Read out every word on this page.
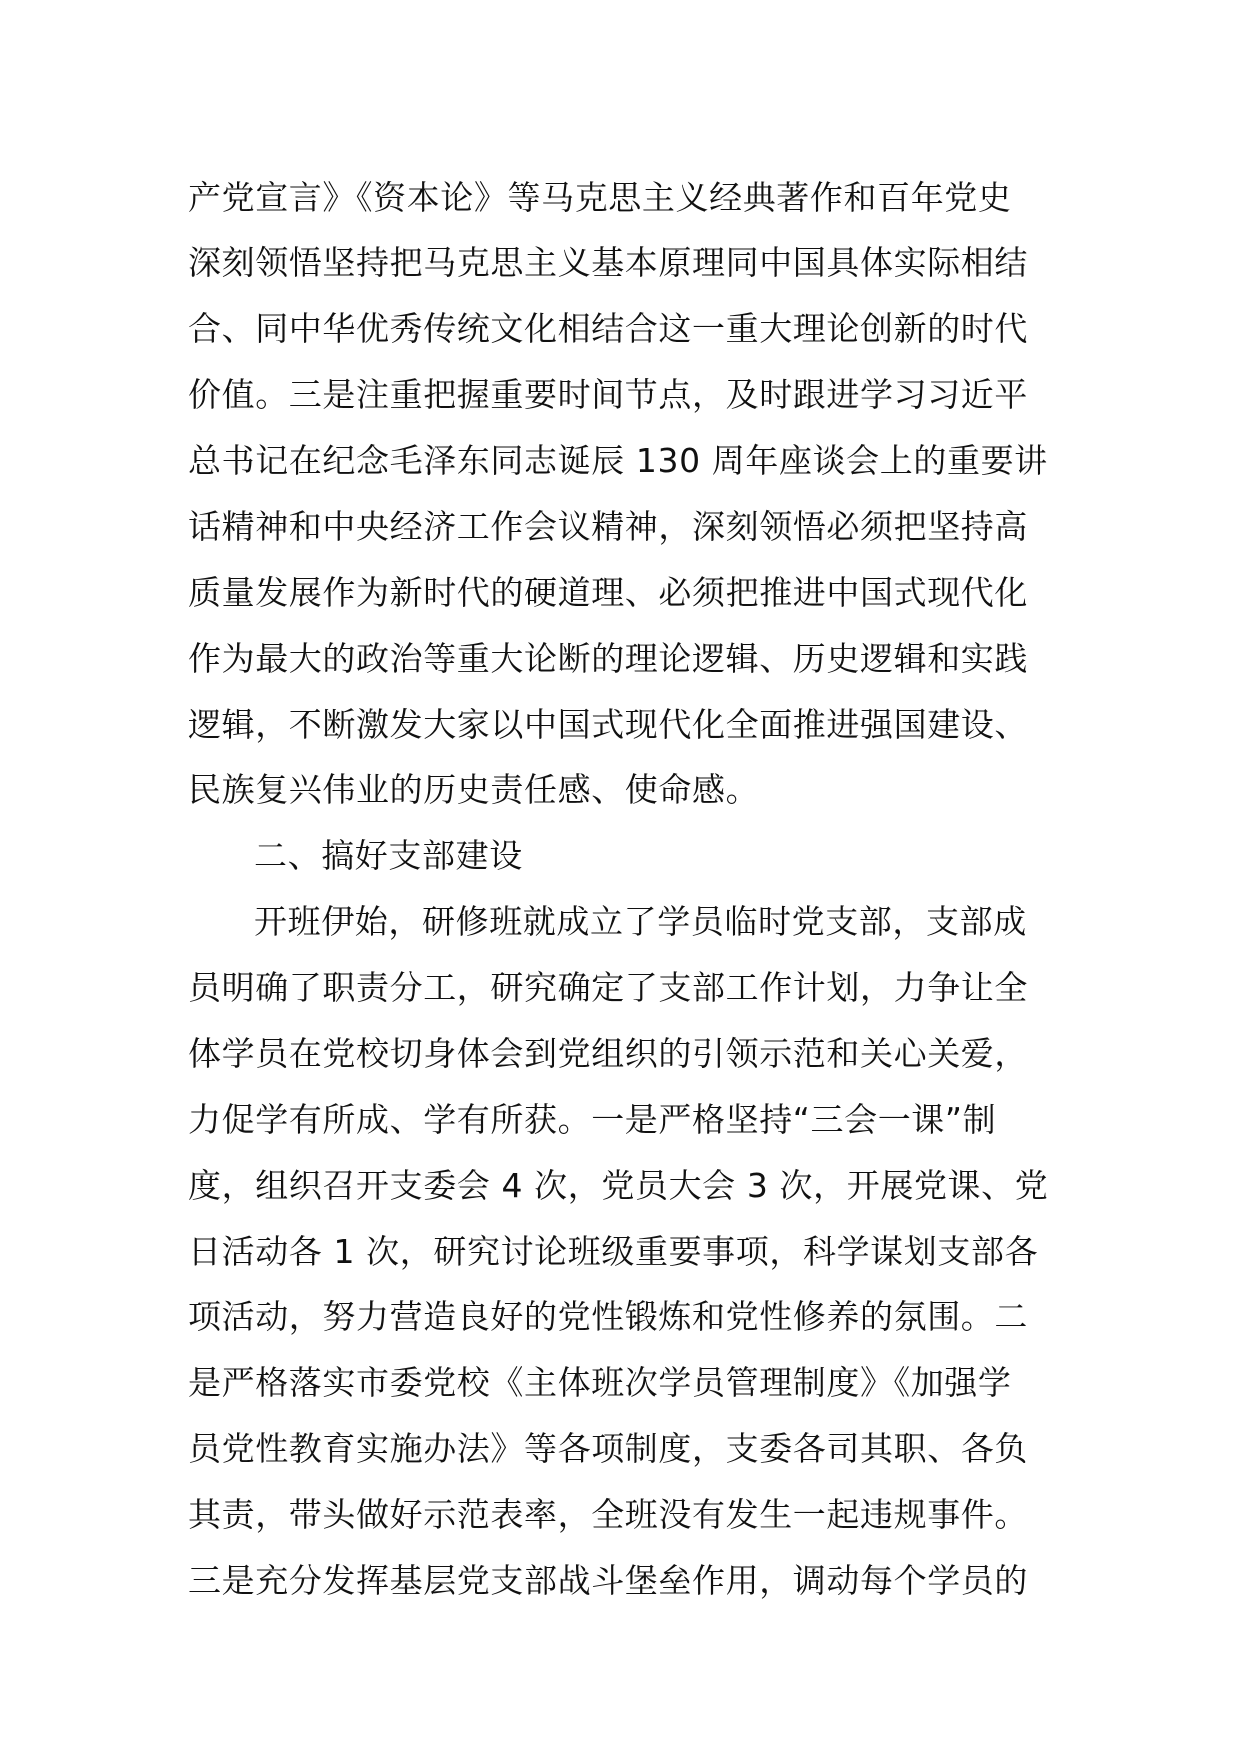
产党宣言》《资本论》等马克思主义经典著作和百年党史
深刻领悟坚持把马克思主义基本原理同中国具体实际相结
合、同中华优秀传统文化相结合这一重大理论创新的时代
价值。三是注重把握重要时间节点，及时跟进学习习近平
总书记在纪念毛泽东同志诞辰 130 周年座谈会上的重要讲
话精神和中央经济工作会议精神，深刻领悟必须把坚持高
质量发展作为新时代的硬道理、必须把推进中国式现代化
作为最大的政治等重大论断的理论逻辑、历史逻辑和实践
逻辑，不断激发大家以中国式现代化全面推进强国建设、
民族复兴伟业的历史责任感、使命感。
二、搞好支部建设
开班伊始，研修班就成立了学员临时党支部，支部成
员明确了职责分工，研究确定了支部工作计划，力争让全
体学员在党校切身体会到党组织的引领示范和关心关爱，
力促学有所成、学有所获。一是严格坚持“三会一课”制
度，组织召开支委会 4 次，党员大会 3 次，开展党课、党
日活动各 1 次，研究讨论班级重要事项，科学谋划支部各
项活动，努力营造良好的党性锻炼和党性修养的氛围。二
是严格落实市委党校《主体班次学员管理制度》《加强学
员党性教育实施办法》等各项制度，支委各司其职、各负
其责，带头做好示范表率，全班没有发生一起违规事件。
三是充分发挥基层党支部战斗堡垒作用，调动每个学员的
